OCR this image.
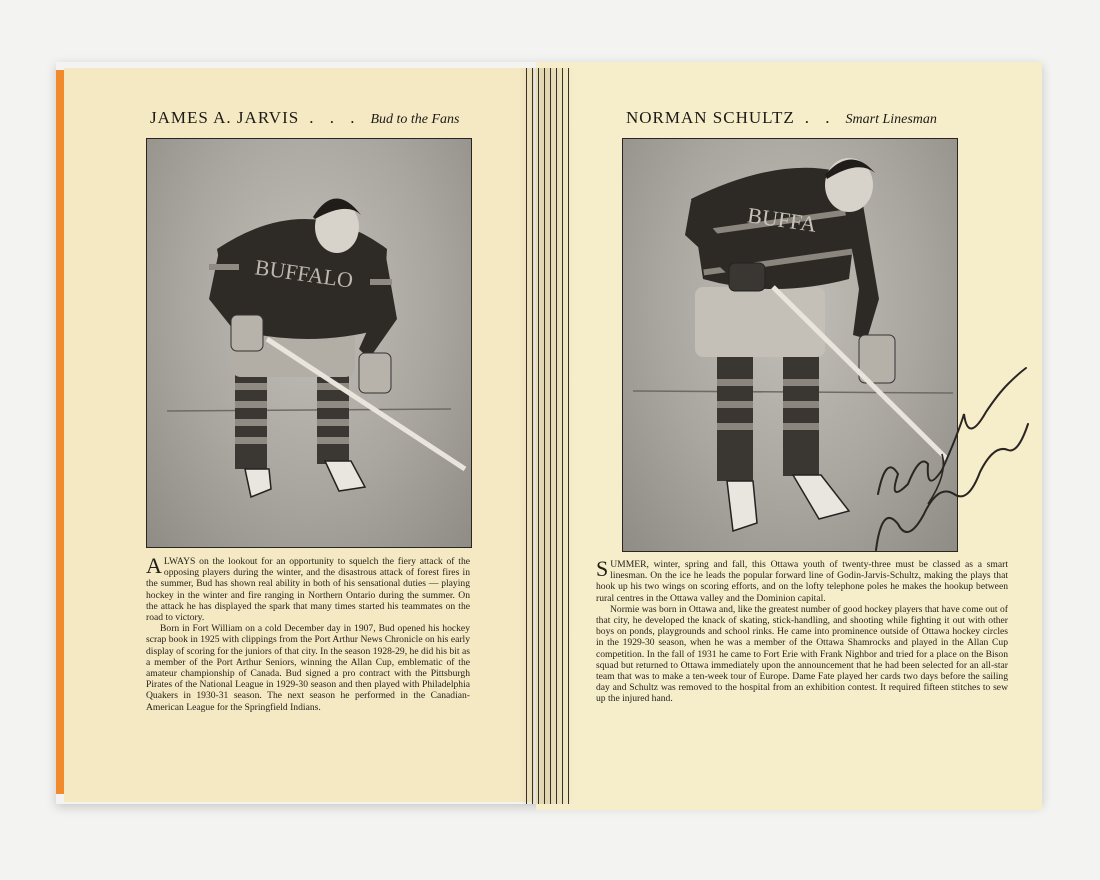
JAMES A. JARVIS . . . Bud to the Fans
BUFFALO

ALWAYS on the lookout for an opportunity to squelch the fiery attack of the opposing players during the winter, and the disastrous attack of forest fires in the summer, Bud has shown real ability in both of his sensational duties — playing hockey in the winter and fire ranging in Northern Ontario during the summer. On the attack he has displayed the spark that many times started his teammates on the road to victory.

Born in Fort William on a cold December day in 1907, Bud opened his hockey scrap book in 1925 with clippings from the Port Arthur News Chronicle on his early display of scoring for the juniors of that city. In the season 1928-29, he did his bit as a member of the Port Arthur Seniors, winning the Allan Cup, emblematic of the amateur championship of Canada. Bud signed a pro contract with the Pittsburgh Pirates of the National League in 1929-30 season and then played with Philadelphia Quakers in 1930-31 season. The next season he performed in the Canadian-American League for the Springfield Indians.

NORMAN SCHULTZ . . Smart Linesman
BUFFA

SUMMER, winter, spring and fall, this Ottawa youth of twenty-three must be classed as a smart linesman. On the ice he leads the popular forward line of Godin-Jarvis-Schultz, making the plays that hook up his two wings on scoring efforts, and on the lofty telephone poles he makes the hookup between rural centres in the Ottawa valley and the Dominion capital.

Normie was born in Ottawa and, like the greatest number of good hockey players that have come out of that city, he developed the knack of skating, stick-handling, and shooting while fighting it out with other boys on ponds, playgrounds and school rinks. He came into prominence outside of Ottawa hockey circles in the 1929-30 season, when he was a member of the Ottawa Shamrocks and played in the Allan Cup competition. In the fall of 1931 he came to Fort Erie with Frank Nighbor and tried for a place on the Bison squad but returned to Ottawa immediately upon the announcement that he had been selected for an all-star team that was to make a ten-week tour of Europe. Dame Fate played her cards two days before the sailing day and Schultz was removed to the hospital from an exhibition contest. It required fifteen stitches to sew up the injured hand.
